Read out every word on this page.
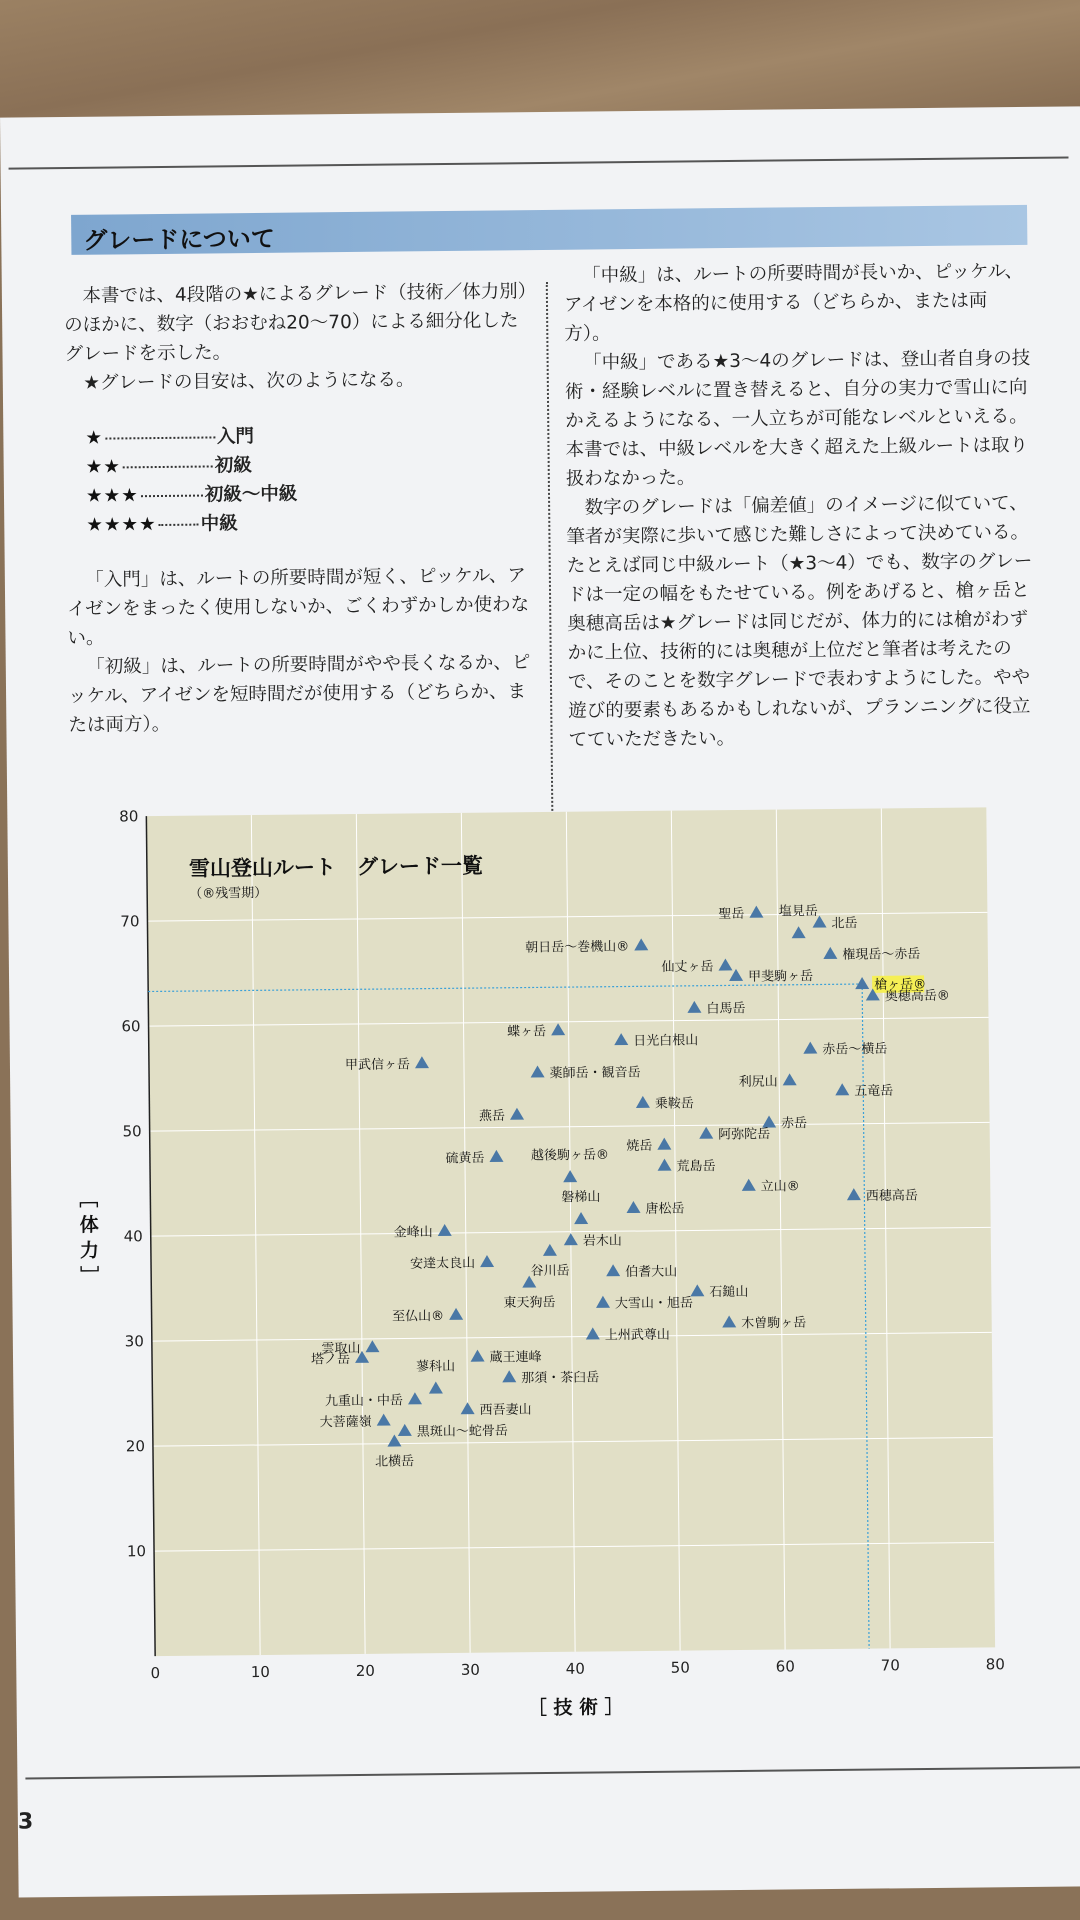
グレードについて

本書では、4段階の★によるグレード（技術／体力別）のほかに、数字（おおむね20〜70）による細分化したグレードを示した。

★グレードの目安は、次のようになる。

★	入門
★★	初級
★★★	初級〜中級
★★★★ 中級

「入門」は、ルートの所要時間が短く、ピッケル、アイゼンをまったく使用しないか、ごくわずかしか使わない。

「初級」は、ルートの所要時間がやや長くなるか、ピッケル、アイゼンを短時間だが使用する（どちらか、または両方）。

「中級」は、ルートの所要時間が長いか、ピッケル、アイゼンを本格的に使用する（どちらか、または両方）。

「中級」である★3〜4のグレードは、登山者自身の技術・経験レベルに置き替えると、自分の実力で雪山に向かえるようになる、一人立ちが可能なレベルといえる。本書では、中級レベルを大きく超えた上級ルートは取り扱わなかった。

数字のグレードは「偏差値」のイメージに似ていて、筆者が実際に歩いて感じた難しさによって決めている。たとえば同じ中級ルート（★3〜4）でも、数字のグレードは一定の幅をもたせている。例をあげると、槍ヶ岳と奥穂高岳は★グレードは同じだが、体力的には槍がわずかに上位、技術的には奥穂が上位だと筆者は考えたので、そのことを数字グレードで表わすようにした。やや遊び的要素もあるかもしれないが、プランニングに役立てていただきたい。

0	10	20	30	40	50	60	70	80
10
20
30
40
50
60
70
80
［ 技 術 ］
［ 体 力 ］
雪山登山ルート　グレード一覧
（®残雪期）
聖岳	塩見岳
北岳
朝日岳〜巻機山®	権現岳〜赤岳
仙丈ヶ岳
甲斐駒ヶ岳
槍ヶ岳®
奥穂高岳®
白馬岳
蝶ヶ岳
日光白根山
赤岳〜横岳
甲武信ヶ岳
薬師岳・観音岳
利尻山
五竜岳
乗鞍岳
燕岳	赤岳
焼岳
阿弥陀岳
硫黄岳	越後駒ヶ岳®
荒島岳
立山®
西穂高岳
唐松岳
磐梯山
金峰山
岩木山
谷川岳
安達太良山
伯耆大山
東天狗岳
石鎚山
大雪山・旭岳
至仏山®	木曽駒ヶ岳
上州武尊山
雲取山
塔ノ岳	蔵王連峰
那須・茶臼岳
蓼科山
九重山・中岳
西吾妻山
大菩薩嶺
黒斑山〜蛇骨岳
北横岳
3
